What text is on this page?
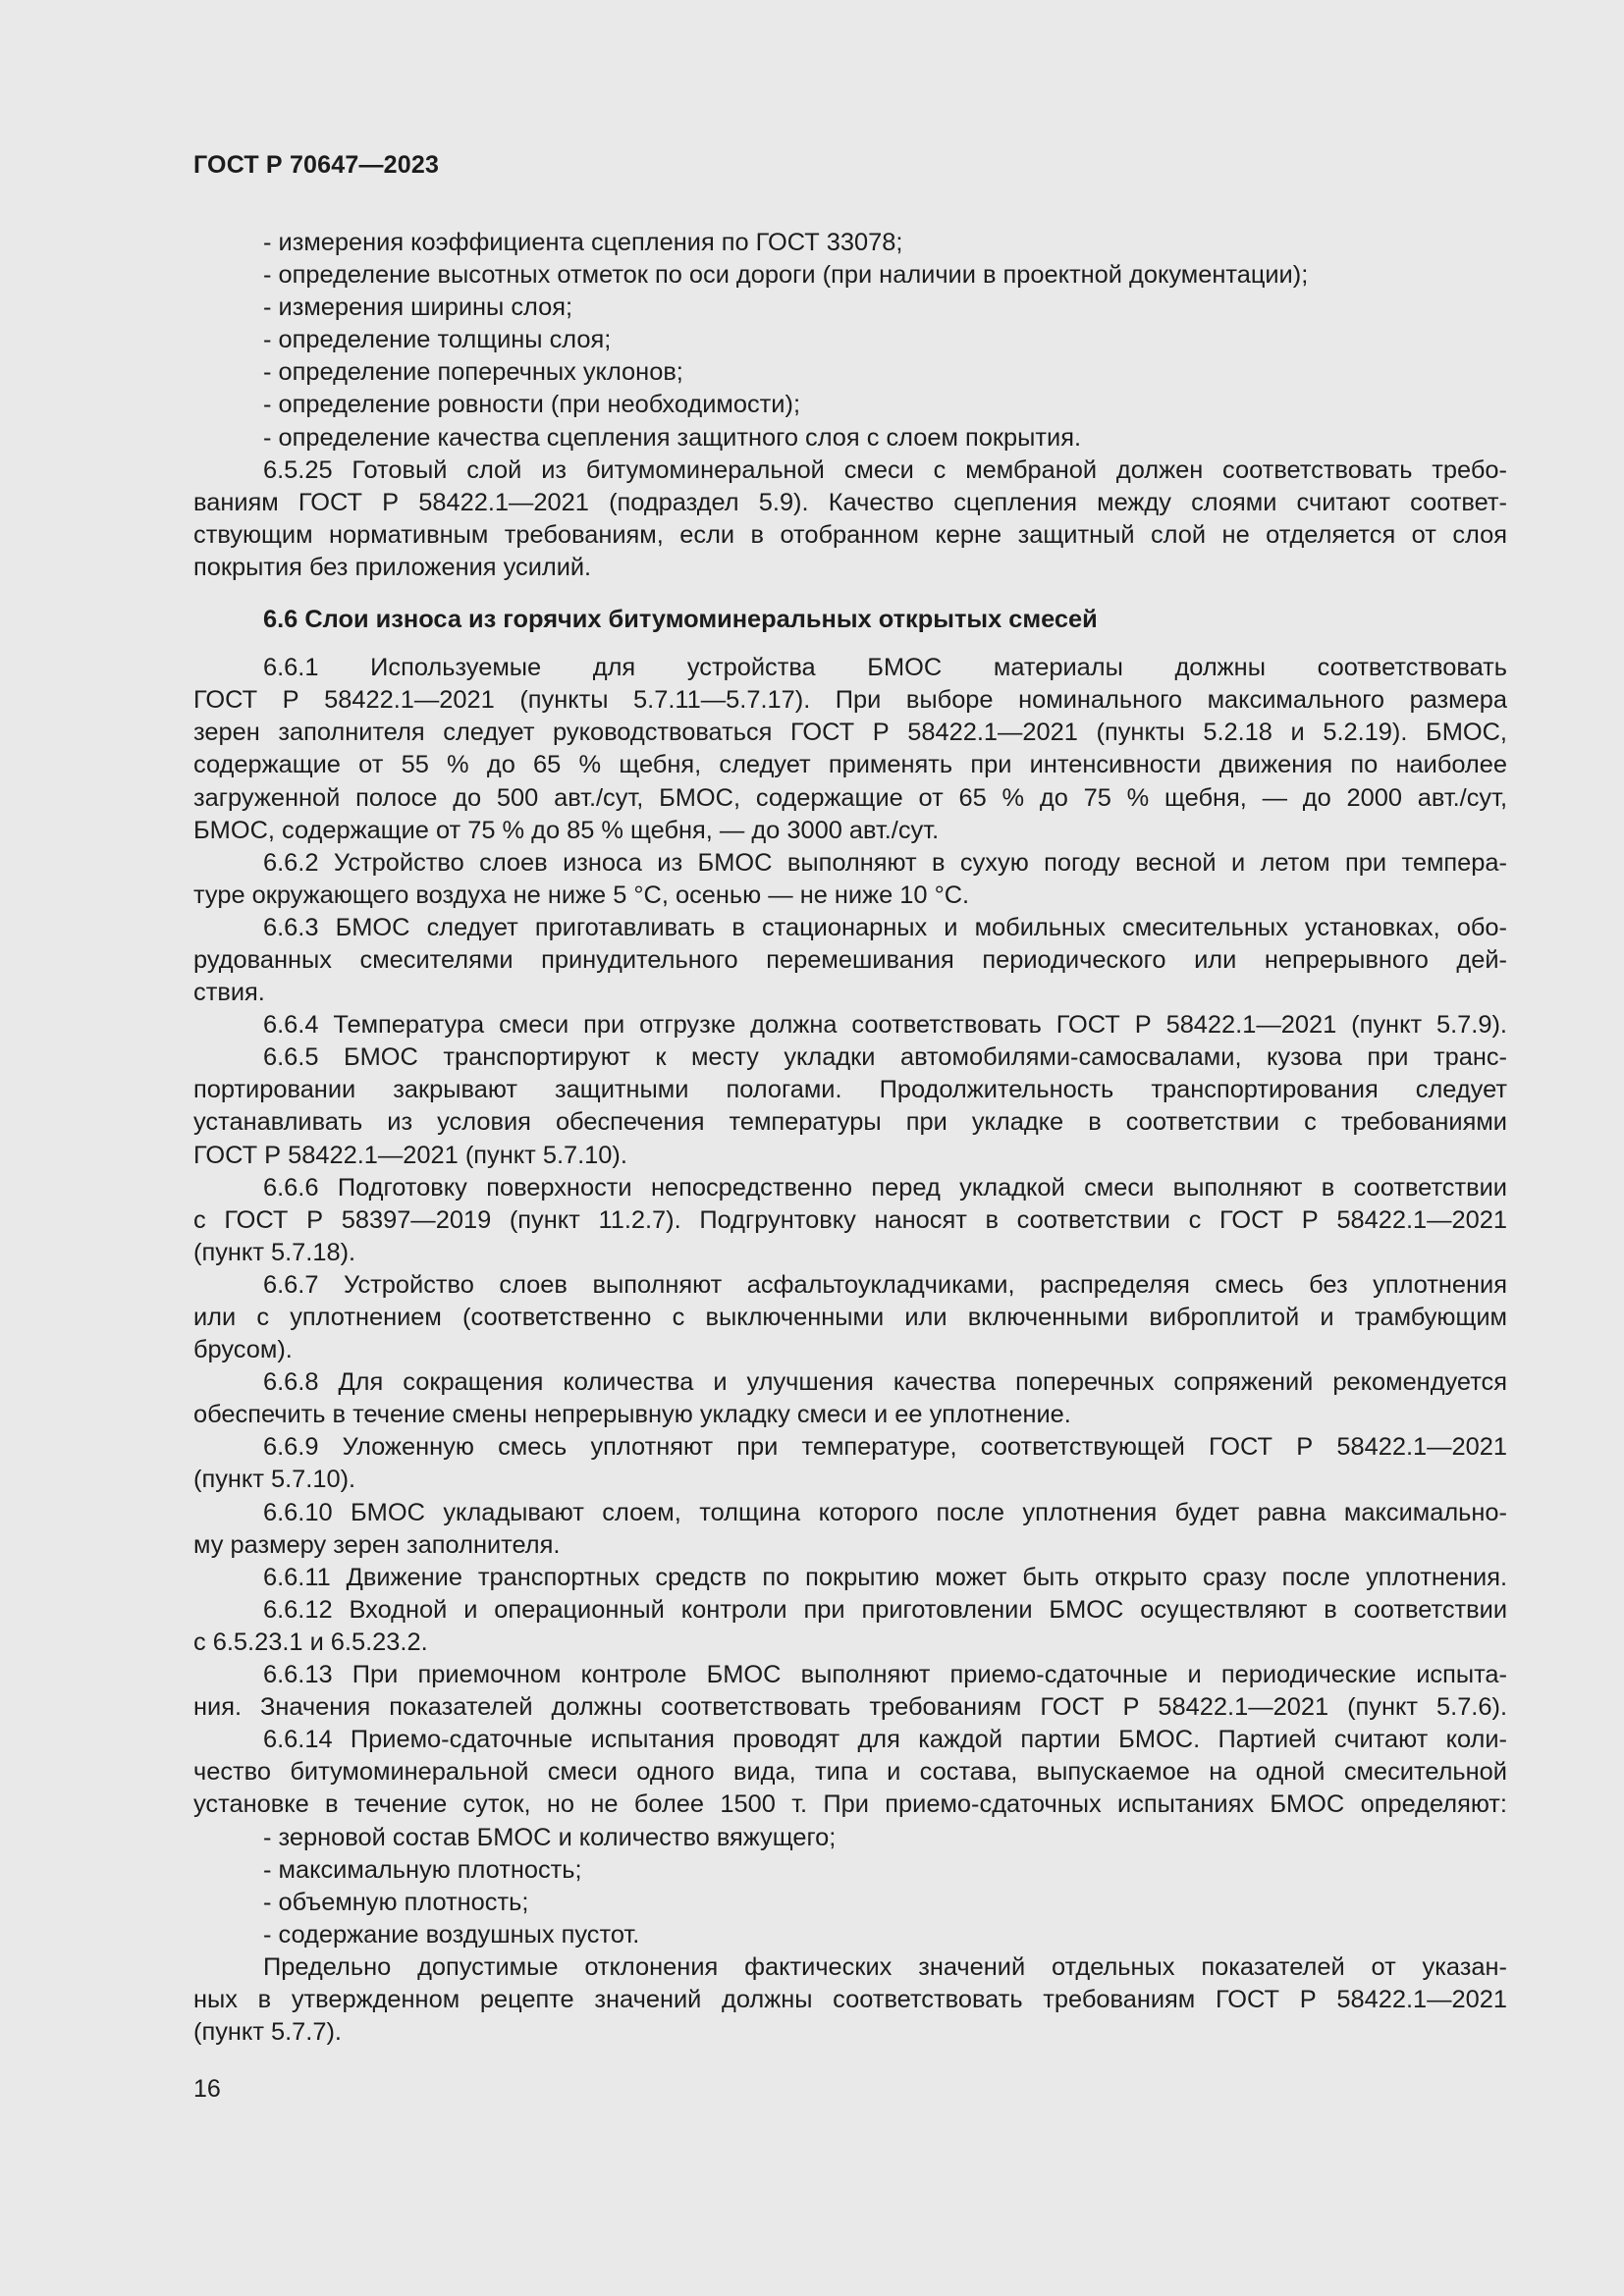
ГОСТ Р 70647—2023
- измерения коэффициента сцепления по ГОСТ 33078;
- определение высотных отметок по оси дороги (при наличии в проектной документации);
- измерения ширины слоя;
- определение толщины слоя;
- определение поперечных уклонов;
- определение ровности (при необходимости);
- определение качества сцепления защитного слоя с слоем покрытия.
6.5.25 Готовый слой из битумоминеральной смеси с мембраной должен соответствовать требо-
ваниям ГОСТ Р 58422.1—2021 (подраздел 5.9). Качество сцепления между слоями считают соответ-
ствующим нормативным требованиям, если в отобранном керне защитный слой не отделяется от слоя
покрытия без приложения усилий.
6.6 Слои износа из горячих битумоминеральных открытых смесей
6.6.1 Используемые для устройства БМОС материалы должны соответствовать
ГОСТ Р 58422.1—2021 (пункты 5.7.11—5.7.17). При выборе номинального максимального размера
зерен заполнителя следует руководствоваться ГОСТ Р 58422.1—2021 (пункты 5.2.18 и 5.2.19). БМОС,
содержащие от 55 % до 65 % щебня, следует применять при интенсивности движения по наиболее
загруженной полосе до 500 авт./сут, БМОС, содержащие от 65 % до 75 % щебня, — до 2000 авт./сут,
БМОС, содержащие от 75 % до 85 % щебня, — до 3000 авт./сут.
6.6.2 Устройство слоев износа из БМОС выполняют в сухую погоду весной и летом при темпера-
туре окружающего воздуха не ниже 5 °С, осенью — не ниже 10 °С.
6.6.3 БМОС следует приготавливать в стационарных и мобильных смесительных установках, обо-
рудованных смесителями принудительного перемешивания периодического или непрерывного дей-
ствия.
6.6.4 Температура смеси при отгрузке должна соответствовать ГОСТ Р 58422.1—2021 (пункт 5.7.9).
6.6.5 БМОС транспортируют к месту укладки автомобилями-самосвалами, кузова при транс-
портировании закрывают защитными пологами. Продолжительность транспортирования следует
устанавливать из условия обеспечения температуры при укладке в соответствии с требованиями
ГОСТ Р 58422.1—2021 (пункт 5.7.10).
6.6.6 Подготовку поверхности непосредственно перед укладкой смеси выполняют в соответствии
с ГОСТ Р 58397—2019 (пункт 11.2.7). Подгрунтовку наносят в соответствии с ГОСТ Р 58422.1—2021
(пункт 5.7.18).
6.6.7 Устройство слоев выполняют асфальтоукладчиками, распределяя смесь без уплотнения
или с уплотнением (соответственно с выключенными или включенными виброплитой и трамбующим
брусом).
6.6.8 Для сокращения количества и улучшения качества поперечных сопряжений рекомендуется
обеспечить в течение смены непрерывную укладку смеси и ее уплотнение.
6.6.9 Уложенную смесь уплотняют при температуре, соответствующей ГОСТ Р 58422.1—2021
(пункт 5.7.10).
6.6.10 БМОС укладывают слоем, толщина которого после уплотнения будет равна максимально-
му размеру зерен заполнителя.
6.6.11 Движение транспортных средств по покрытию может быть открыто сразу после уплотнения.
6.6.12 Входной и операционный контроли при приготовлении БМОС осуществляют в соответствии
с 6.5.23.1 и 6.5.23.2.
6.6.13 При приемочном контроле БМОС выполняют приемо-сдаточные и периодические испыта-
ния. Значения показателей должны соответствовать требованиям ГОСТ Р 58422.1—2021 (пункт 5.7.6).
6.6.14 Приемо-сдаточные испытания проводят для каждой партии БМОС. Партией считают коли-
чество битумоминеральной смеси одного вида, типа и состава, выпускаемое на одной смесительной
установке в течение суток, но не более 1500 т. При приемо-сдаточных испытаниях БМОС определяют:
- зерновой состав БМОС и количество вяжущего;
- максимальную плотность;
- объемную плотность;
- содержание воздушных пустот.
Предельно допустимые отклонения фактических значений отдельных показателей от указан-
ных в утвержденном рецепте значений должны соответствовать требованиям ГОСТ Р 58422.1—2021
(пункт 5.7.7).
16
